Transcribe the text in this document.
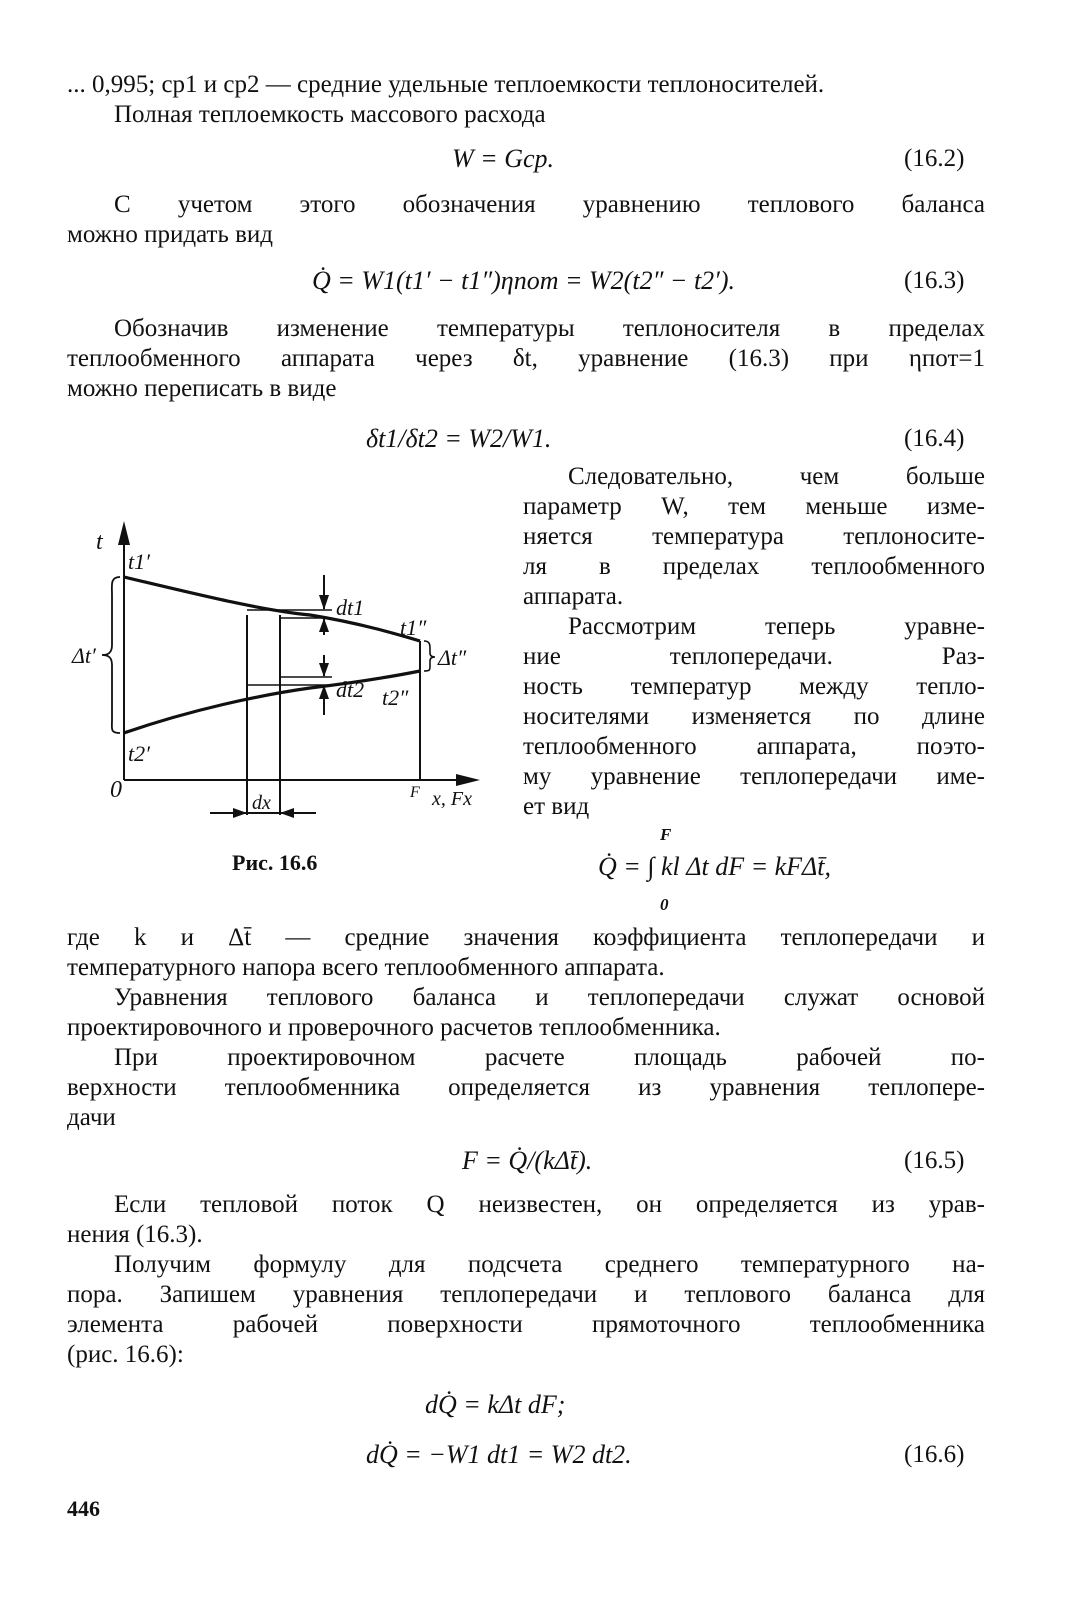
... 0,995; cp1 и cp2 — средние удельные теплоемкости теплоносителей.
Полная теплоемкость массового расхода
W = Gcp.	(16.2)
С учетом этого обозначения уравнению теплового баланса
можно придать вид
Q̇ = W1(t1′ − t1″)ηпот = W2(t2″ − t2′).	(16.3)
Обозначив изменение температуры теплоносителя в пределах
теплообменного аппарата через δt, уравнение (16.3) при ηпот=1
можно переписать в виде
δt1/δt2 = W2/W1.	(16.4)
Следовательно, чем больше
параметр W, тем меньше изме-
няется температура теплоносите-
ля в пределах теплообменного
аппарата.
Рассмотрим теперь уравне-
ние теплопередачи. Раз-
ность температур между тепло-
носителями изменяется по длине
теплообменного аппарата, поэто-
му уравнение теплопередачи име-
ет вид
t
0
t1′
t2′
t1″
t2″
dt1
dt2
Δt′	Δt″
dx	F x, Fx
Рис. 16.6
F
Q̇ = ∫ kl Δt dF = kFΔt̄,
0
где k и Δt̄ — средние значения коэффициента теплопередачи и
температурного напора всего теплообменного аппарата.
Уравнения теплового баланса и теплопередачи служат основой
проектировочного и проверочного расчетов теплообменника.
При проектировочном расчете площадь рабочей по-
верхности теплообменника определяется из уравнения теплопере-
дачи
F = Q̇/(kΔt̄).	(16.5)
Если тепловой поток Q неизвестен, он определяется из урав-
нения (16.3).
Получим формулу для подсчета среднего температурного на-
пора. Запишем уравнения теплопередачи и теплового баланса для
элемента рабочей поверхности прямоточного теплообменника
(рис. 16.6):
dQ̇ = kΔt dF;
dQ̇ = −W1 dt1 = W2 dt2.	(16.6)
446
